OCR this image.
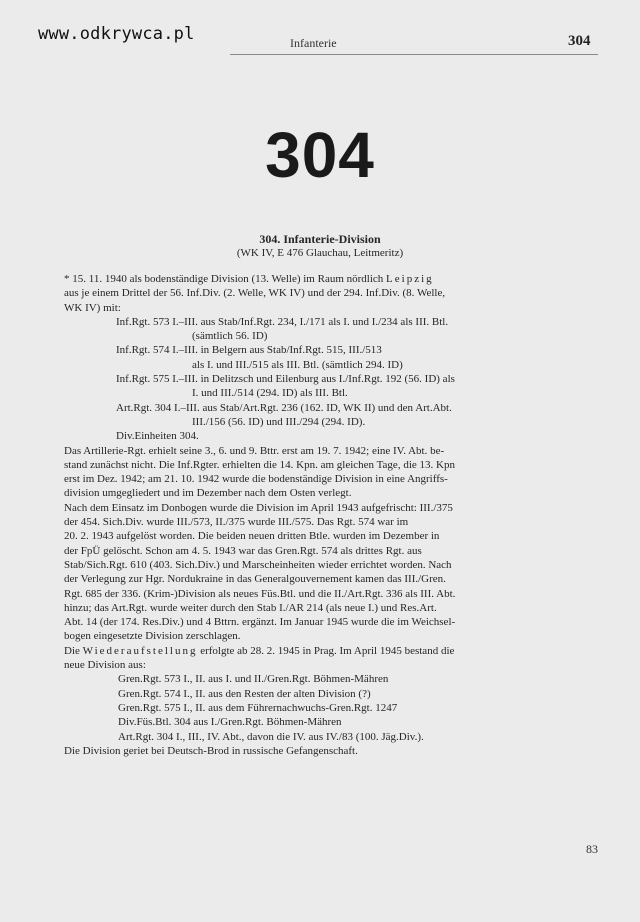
www.odkrywca.pl	Infanterie	304
304
304. Infanterie-Division
(WK IV, E 476 Glauchau, Leitmeritz)
* 15. 11. 1940 als bodenständige Division (13. Welle) im Raum nördlich Leipzig
aus je einem Drittel der 56. Inf.Div. (2. Welle, WK IV) und der 294. Inf.Div. (8. Welle,
WK IV) mit:
Inf.Rgt. 573 I.–III. aus Stab/Inf.Rgt. 234, I./171 als I. und I./234 als III. Btl.
(sämtlich 56. ID)
Inf.Rgt. 574 I.–III. in Belgern aus Stab/Inf.Rgt. 515, III./513
als I. und III./515 als III. Btl. (sämtlich 294. ID)
Inf.Rgt. 575 I.–III. in Delitzsch und Eilenburg aus I./Inf.Rgt. 192 (56. ID) als
I. und III./514 (294. ID) als III. Btl.
Art.Rgt. 304 I.–III. aus Stab/Art.Rgt. 236 (162. ID, WK II) und den Art.Abt.
III./156 (56. ID) und III./294 (294. ID).
Div.Einheiten 304.
Das Artillerie-Rgt. erhielt seine 3., 6. und 9. Bttr. erst am 19. 7. 1942; eine IV. Abt. be-
stand zunächst nicht. Die Inf.Rgter. erhielten die 14. Kpn. am gleichen Tage, die 13. Kpn
erst im Dez. 1942; am 21. 10. 1942 wurde die bodenständige Division in eine Angriffs-
division umgegliedert und im Dezember nach dem Osten verlegt.
Nach dem Einsatz im Donbogen wurde die Division im April 1943 aufgefrischt: III./375
der 454. Sich.Div. wurde III./573, II./375 wurde III./575. Das Rgt. 574 war im
20. 2. 1943 aufgelöst worden. Die beiden neuen dritten Btle. wurden im Dezember in
der FpÜ gelöscht. Schon am 4. 5. 1943 war das Gren.Rgt. 574 als drittes Rgt. aus
Stab/Sich.Rgt. 610 (403. Sich.Div.) und Marscheinheiten wieder errichtet worden. Nach
der Verlegung zur Hgr. Nordukraine in das Generalgouvernement kamen das III./Gren.
Rgt. 685 der 336. (Krim-)Division als neues Füs.Btl. und die II./Art.Rgt. 336 als III. Abt.
hinzu; das Art.Rgt. wurde weiter durch den Stab I./AR 214 (als neue I.) und Res.Art.
Abt. 14 (der 174. Res.Div.) und 4 Bttrn. ergänzt. Im Januar 1945 wurde die im Weichsel-
bogen eingesetzte Division zerschlagen.
Die Wiederaufstellung erfolgte ab 28. 2. 1945 in Prag. Im April 1945 bestand die
neue Division aus:
Gren.Rgt. 573 I., II. aus I. und II./Gren.Rgt. Böhmen-Mähren
Gren.Rgt. 574 I., II. aus den Resten der alten Division (?)
Gren.Rgt. 575 I., II. aus dem Führernachwuchs-Gren.Rgt. 1247
Div.Füs.Btl. 304 aus I./Gren.Rgt. Böhmen-Mähren
Art.Rgt. 304 I., III., IV. Abt., davon die IV. aus IV./83 (100. Jäg.Div.).
Die Division geriet bei Deutsch-Brod in russische Gefangenschaft.
83
